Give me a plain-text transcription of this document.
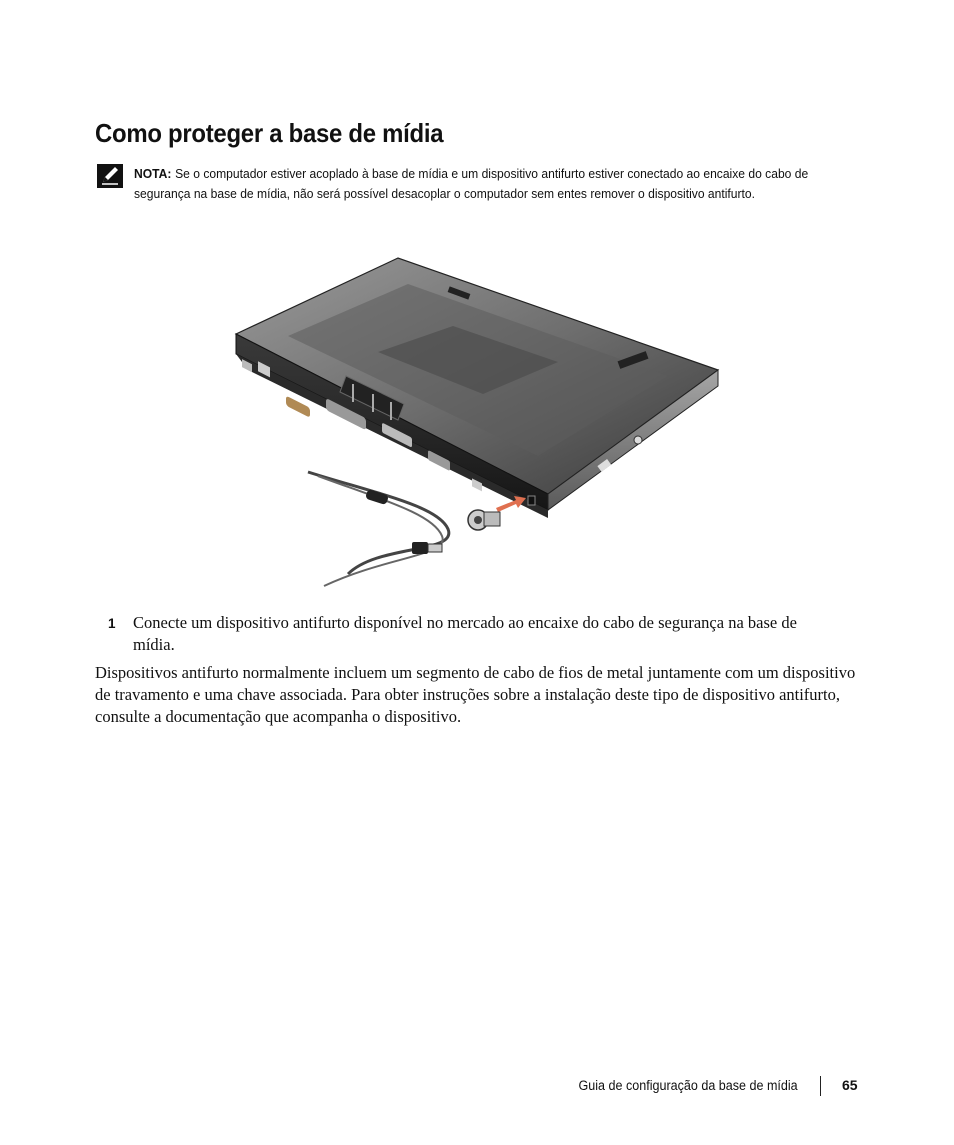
Como proteger a base de mídia
NOTA: Se o computador estiver acoplado à base de mídia e um dispositivo antifurto estiver conectado ao encaixe do cabo de segurança na base de mídia, não será possível desacoplar o computador sem entes remover o dispositivo antifurto.
1 Conecte um dispositivo antifurto disponível no mercado ao encaixe do cabo de segurança na base de mídia.

Dispositivos antifurto normalmente incluem um segmento de cabo de fios de metal juntamente com um dispositivo de travamento e uma chave associada. Para obter instruções sobre a instalação deste tipo de dispositivo antifurto, consulte a documentação que acompanha o dispositivo.

Guia de configuração da base de mídia	65
